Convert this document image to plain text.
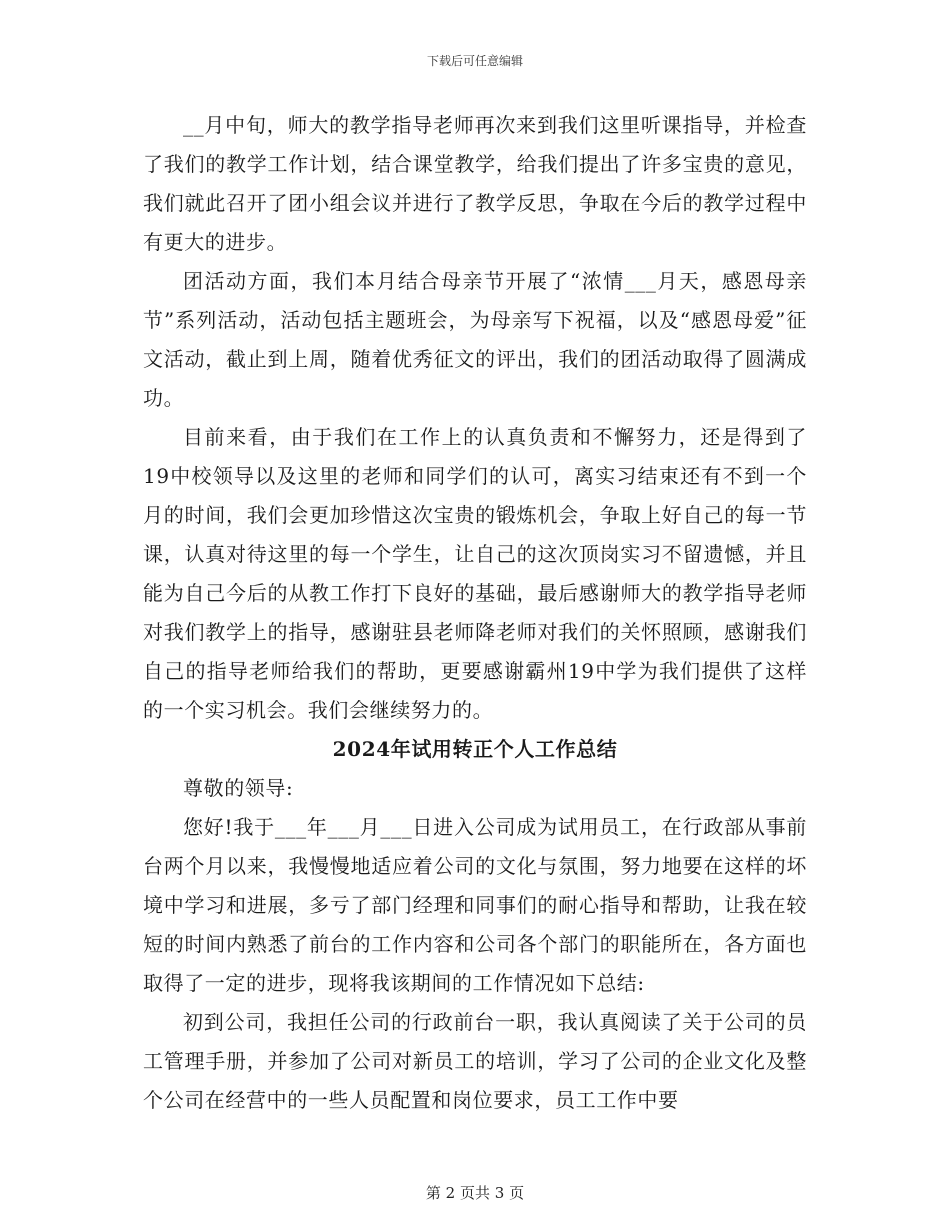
下载后可任意编辑

__月中旬，师大的教学指导老师再次来到我们这里听课指导，并检查了我们的教学工作计划，结合课堂教学，给我们提出了许多宝贵的意见，我们就此召开了团小组会议并进行了教学反思，争取在今后的教学过程中有更大的进步。

团活动方面，我们本月结合母亲节开展了“浓情___月天，感恩母亲节”系列活动，活动包括主题班会，为母亲写下祝福，以及“感恩母爱”征文活动，截止到上周，随着优秀征文的评出，我们的团活动取得了圆满成功。

目前来看，由于我们在工作上的认真负责和不懈努力，还是得到了19中校领导以及这里的老师和同学们的认可，离实习结束还有不到一个月的时间，我们会更加珍惜这次宝贵的锻炼机会，争取上好自己的每一节课，认真对待这里的每一个学生，让自己的这次顶岗实习不留遗憾，并且能为自己今后的从教工作打下良好的基础，最后感谢师大的教学指导老师对我们教学上的指导，感谢驻县老师降老师对我们的关怀照顾，感谢我们自己的指导老师给我们的帮助，更要感谢霸州19中学为我们提供了这样的一个实习机会。我们会继续努力的。

2024年试用转正个人工作总结

尊敬的领导:

您好!我于___年___月___日进入公司成为试用员工，在行政部从事前台两个月以来，我慢慢地适应着公司的文化与氛围，努力地要在这样的坏境中学习和进展，多亏了部门经理和同事们的耐心指导和帮助，让我在较短的时间内熟悉了前台的工作内容和公司各个部门的职能所在，各方面也取得了一定的进步，现将我该期间的工作情况如下总结:

初到公司，我担任公司的行政前台一职，我认真阅读了关于公司的员工管理手册，并参加了公司对新员工的培训，学习了公司的企业文化及整个公司在经营中的一些人员配置和岗位要求，员工工作中要

第 2 页共 3 页
